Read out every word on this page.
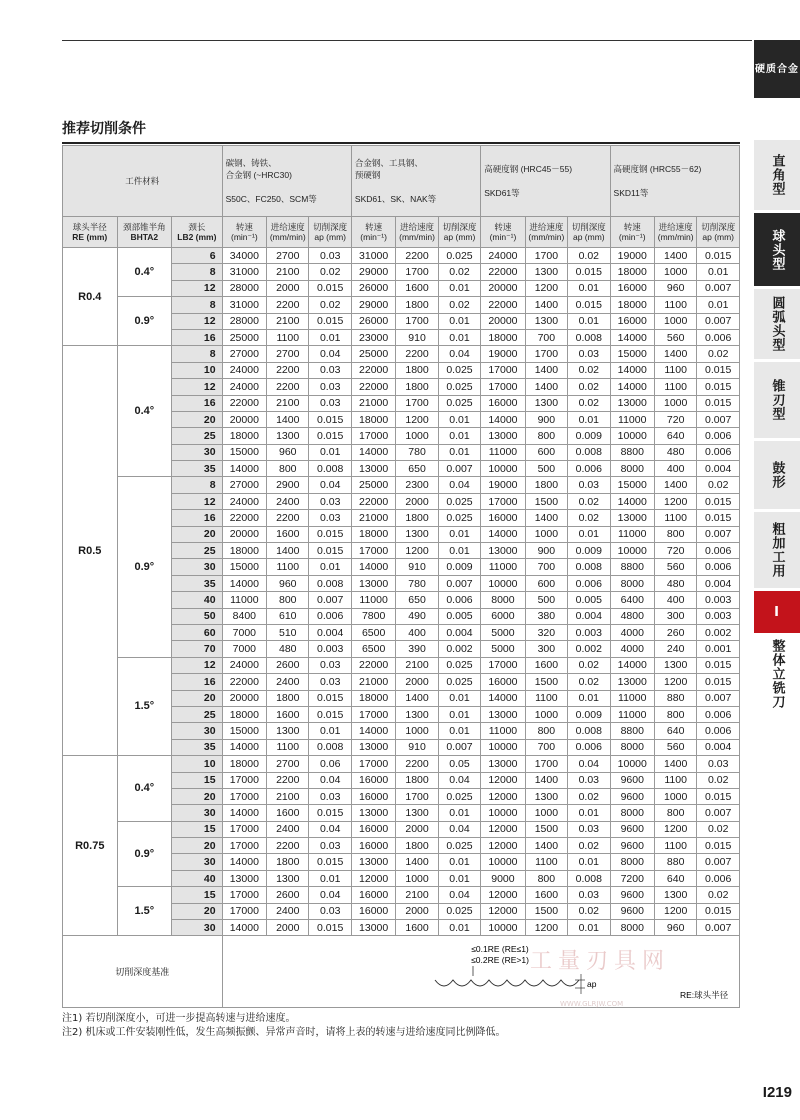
推荐切削条件
硬质合金
直角型
球头型
圆弧头型
锥刃型
鼓形
粗加工用
I
整体立铣刀
工件材料			碳钢、铸铁、
合金钢 (~HRC30)
S50C、FC250、SCM等			合金钢、工具钢、
预硬钢
SKD61、SK、NAK等			高硬度钢 (HRC45－55)

SKD61等			高硬度钢 (HRC55－62)

SKD11等		

球头半径
RE (mm)	颈部锥半角
BHTA2	颈长
LB2 (mm)	转速
(min⁻¹)	进给速度
(mm/min)	切削深度
ap (mm)	转速
(min⁻¹)	进给速度
(mm/min)	切削深度
ap (mm)	转速
(min⁻¹)	进给速度
(mm/min)	切削深度
ap (mm)	转速
(min⁻¹)	进给速度
(mm/min)	切削深度
ap (mm)
R0.4	0.4°	6	34000	2700	0.03	31000	2200	0.025	24000	1700	0.02	19000	1400	0.015
		8	31000	2100	0.02	29000	1700	0.02	22000	1300	0.015	18000	1000	0.01
		12	28000	2000	0.015	26000	1600	0.01	20000	1200	0.01	16000	960	0.007
	0.9°	8	31000	2200	0.02	29000	1800	0.02	22000	1400	0.015	18000	1100	0.01
		12	28000	2100	0.015	26000	1700	0.01	20000	1300	0.01	16000	1000	0.007
		16	25000	1100	0.01	23000	910	0.01	18000	700	0.008	14000	560	0.006
R0.5	0.4°	8	27000	2700	0.04	25000	2200	0.04	19000	1700	0.03	15000	1400	0.02
		10	24000	2200	0.03	22000	1800	0.025	17000	1400	0.02	14000	1100	0.015
		12	24000	2200	0.03	22000	1800	0.025	17000	1400	0.02	14000	1100	0.015
		16	22000	2100	0.03	21000	1700	0.025	16000	1300	0.02	13000	1000	0.015
		20	20000	1400	0.015	18000	1200	0.01	14000	900	0.01	11000	720	0.007
		25	18000	1300	0.015	17000	1000	0.01	13000	800	0.009	10000	640	0.006
		30	15000	960	0.01	14000	780	0.01	11000	600	0.008	8800	480	0.006
		35	14000	800	0.008	13000	650	0.007	10000	500	0.006	8000	400	0.004
	0.9°	8	27000	2900	0.04	25000	2300	0.04	19000	1800	0.03	15000	1400	0.02
		12	24000	2400	0.03	22000	2000	0.025	17000	1500	0.02	14000	1200	0.015
		16	22000	2200	0.03	21000	1800	0.025	16000	1400	0.02	13000	1100	0.015
		20	20000	1600	0.015	18000	1300	0.01	14000	1000	0.01	11000	800	0.007
		25	18000	1400	0.015	17000	1200	0.01	13000	900	0.009	10000	720	0.006
		30	15000	1100	0.01	14000	910	0.009	11000	700	0.008	8800	560	0.006
		35	14000	960	0.008	13000	780	0.007	10000	600	0.006	8000	480	0.004
		40	11000	800	0.007	11000	650	0.006	8000	500	0.005	6400	400	0.003
		50	8400	610	0.006	7800	490	0.005	6000	380	0.004	4800	300	0.003
		60	7000	510	0.004	6500	400	0.004	5000	320	0.003	4000	260	0.002
		70	7000	480	0.003	6500	390	0.002	5000	300	0.002	4000	240	0.001
	1.5°	12	24000	2600	0.03	22000	2100	0.025	17000	1600	0.02	14000	1300	0.015
		16	22000	2400	0.03	21000	2000	0.025	16000	1500	0.02	13000	1200	0.015
		20	20000	1800	0.015	18000	1400	0.01	14000	1100	0.01	11000	880	0.007
		25	18000	1600	0.015	17000	1300	0.01	13000	1000	0.009	11000	800	0.006
		30	15000	1300	0.01	14000	1000	0.01	11000	800	0.008	8800	640	0.006
		35	14000	1100	0.008	13000	910	0.007	10000	700	0.006	8000	560	0.004
R0.75	0.4°	10	18000	2700	0.06	17000	2200	0.05	13000	1700	0.04	10000	1400	0.03
		15	17000	2200	0.04	16000	1800	0.04	12000	1400	0.03	9600	1100	0.02
		20	17000	2100	0.03	16000	1700	0.025	12000	1300	0.02	9600	1000	0.015
		30	14000	1600	0.015	13000	1300	0.01	10000	1000	0.01	8000	800	0.007
	0.9°	15	17000	2400	0.04	16000	2000	0.04	12000	1500	0.03	9600	1200	0.02
		20	17000	2200	0.03	16000	1800	0.025	12000	1400	0.02	9600	1100	0.015
		30	14000	1800	0.015	13000	1400	0.01	10000	1100	0.01	8000	880	0.007
		40	13000	1300	0.01	12000	1000	0.01	9000	800	0.008	7200	640	0.006
	1.5°	15	17000	2600	0.04	16000	2100	0.04	12000	1600	0.03	9600	1300	0.02
		20	17000	2400	0.03	16000	2000	0.025	12000	1500	0.02	9600	1200	0.015
		30	14000	2000	0.015	13000	1600	0.01	10000	1200	0.01	8000	960	0.007
切削深度基准			≤0.1RE (RE≤1)
≤0.2RE (RE>1)
ap
RE:球头半径											
工量刃具网
WWW.GLRJW.COM
注1) 若切削深度小，可进一步提高转速与进给速度。
注2) 机床或工件安装刚性低，发生高频振颤、异常声音时，请将上表的转速与进给速度同比例降低。
I219
